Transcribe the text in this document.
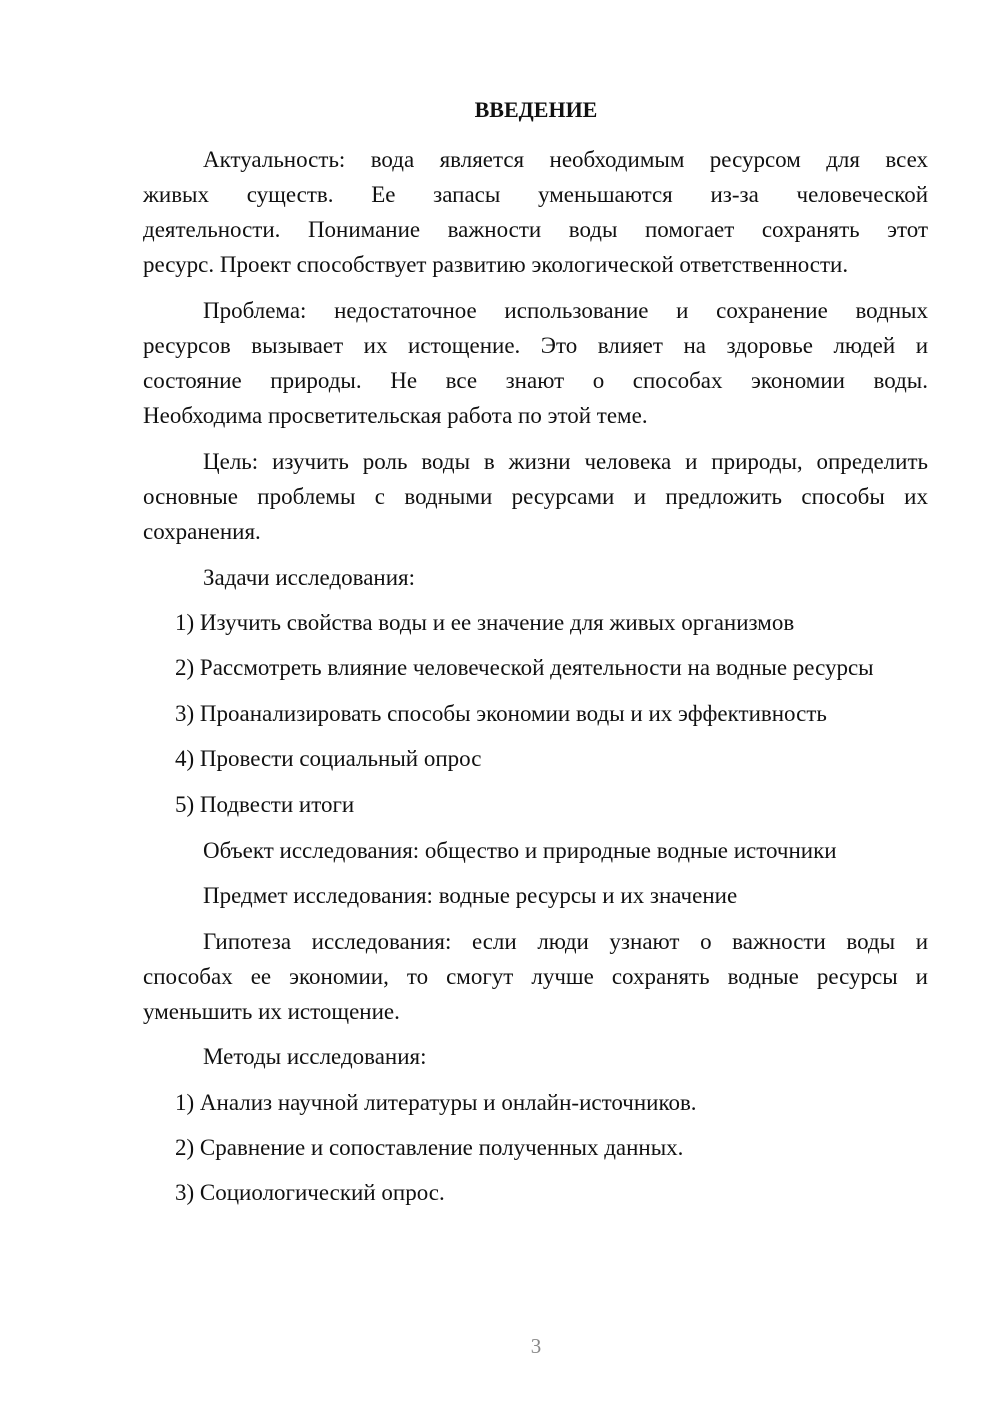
ВВЕДЕНИЕ
Актуальность: вода является необходимым ресурсом для всех
живых существ. Ее запасы уменьшаются из-за человеческой
деятельности. Понимание важности воды помогает сохранять этот
ресурс. Проект способствует развитию экологической ответственности.
Проблема: недостаточное использование и сохранение водных
ресурсов вызывает их истощение. Это влияет на здоровье людей и
состояние природы. Не все знают о способах экономии воды.
Необходима просветительская работа по этой теме.
Цель: изучить роль воды в жизни человека и природы, определить
основные проблемы с водными ресурсами и предложить способы их
сохранения.
Задачи исследования:
1) Изучить свойства воды и ее значение для живых организмов
2) Рассмотреть влияние человеческой деятельности на водные ресурсы
3) Проанализировать способы экономии воды и их эффективность
4) Провести социальный опрос
5) Подвести итоги
Объект исследования: общество и природные водные источники
Предмет исследования: водные ресурсы и их значение
Гипотеза исследования: если люди узнают о важности воды и
способах ее экономии, то смогут лучше сохранять водные ресурсы и
уменьшить их истощение.
Методы исследования:
1) Анализ научной литературы и онлайн-источников.
2) Сравнение и сопоставление полученных данных.
3) Социологический опрос.
3
